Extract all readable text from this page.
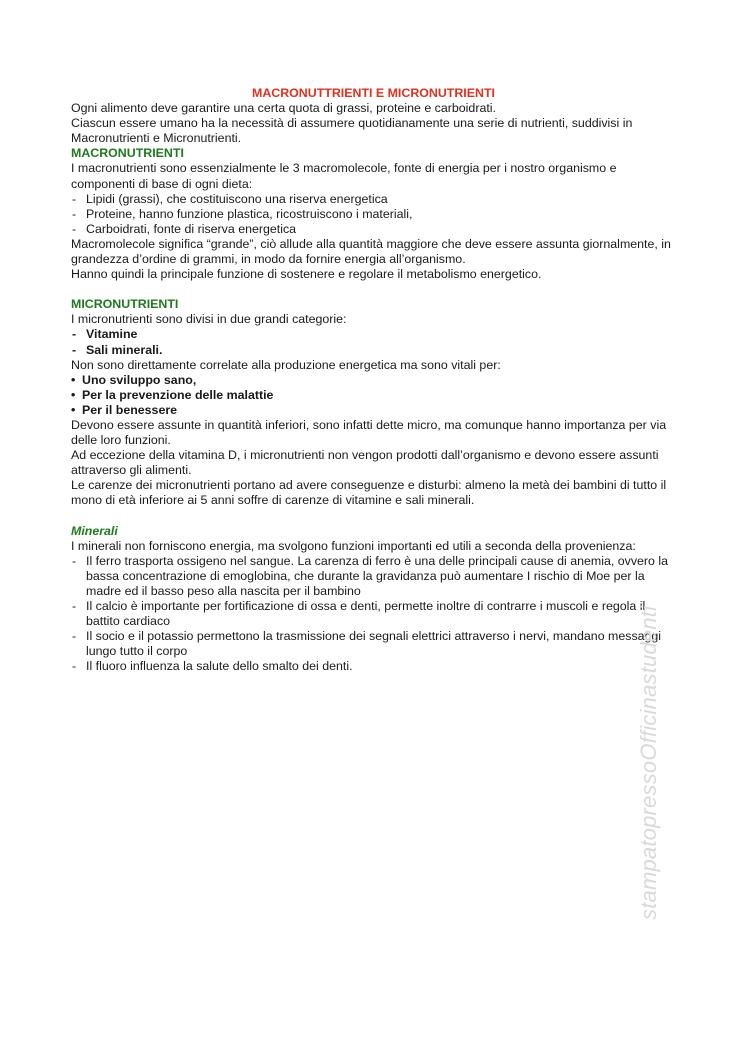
MACRONUTTRIENTI E MICRONUTRIENTI

Ogni alimento deve garantire una certa quota di grassi, proteine e carboidrati.

Ciascun essere umano ha la necessità di assumere quotidianamente una serie di nutrienti, suddivisi in Macronutrienti e Micronutrienti.

MACRONUTRIENTI

I macronutrienti sono essenzialmente le 3 macromolecole, fonte di energia per i nostro organismo e componenti di base di ogni dieta:

- Lipidi (grassi), che costituiscono una riserva energetica
- Proteine, hanno funzione plastica, ricostruiscono i materiali,
- Carboidrati, fonte di riserva energetica

Macromolecole significa “grande”, ciò allude alla quantità maggiore che deve essere assunta giornalmente, in grandezza d’ordine di grammi, in modo da fornire energia all’organismo.

Hanno quindi la principale funzione di sostenere e regolare il metabolismo energetico.

MICRONUTRIENTI

I micronutrienti sono divisi in due grandi categorie:

- Vitamine
- Sali minerali.

Non sono direttamente correlate alla produzione energetica ma sono vitali per:

• Uno sviluppo sano,
• Per la prevenzione delle malattie
• Per il benessere

Devono essere assunte in quantità inferiori, sono infatti dette micro, ma comunque hanno importanza per via delle loro funzioni.

Ad eccezione della vitamina D, i micronutrienti non vengon prodotti dall’organismo e devono essere assunti attraverso gli alimenti.

Le carenze dei micronutrienti portano ad avere conseguenze e disturbi: almeno la metà dei bambini di tutto il mono di età inferiore ai 5 anni soffre di carenze di vitamine e sali minerali.

Minerali

I minerali non forniscono energia, ma svolgono funzioni importanti ed utili a seconda della provenienza:

- Il ferro trasporta ossigeno nel sangue. La carenza di ferro è una delle principali cause di anemia, ovvero la bassa concentrazione di emoglobina, che durante la gravidanza può aumentare I rischio di Moe per la madre ed il basso peso alla nascita per il bambino
- Il calcio è importante per fortificazione di ossa e denti, permette inoltre di contrarre i muscoli e regola il battito cardiaco
- Il socio e il potassio permettono la trasmissione dei segnali elettrici attraverso i nervi, mandano messaggi lungo tutto il corpo
- Il fluoro influenza la salute dello smalto dei denti.	stampatopressoOfficinastudenti
